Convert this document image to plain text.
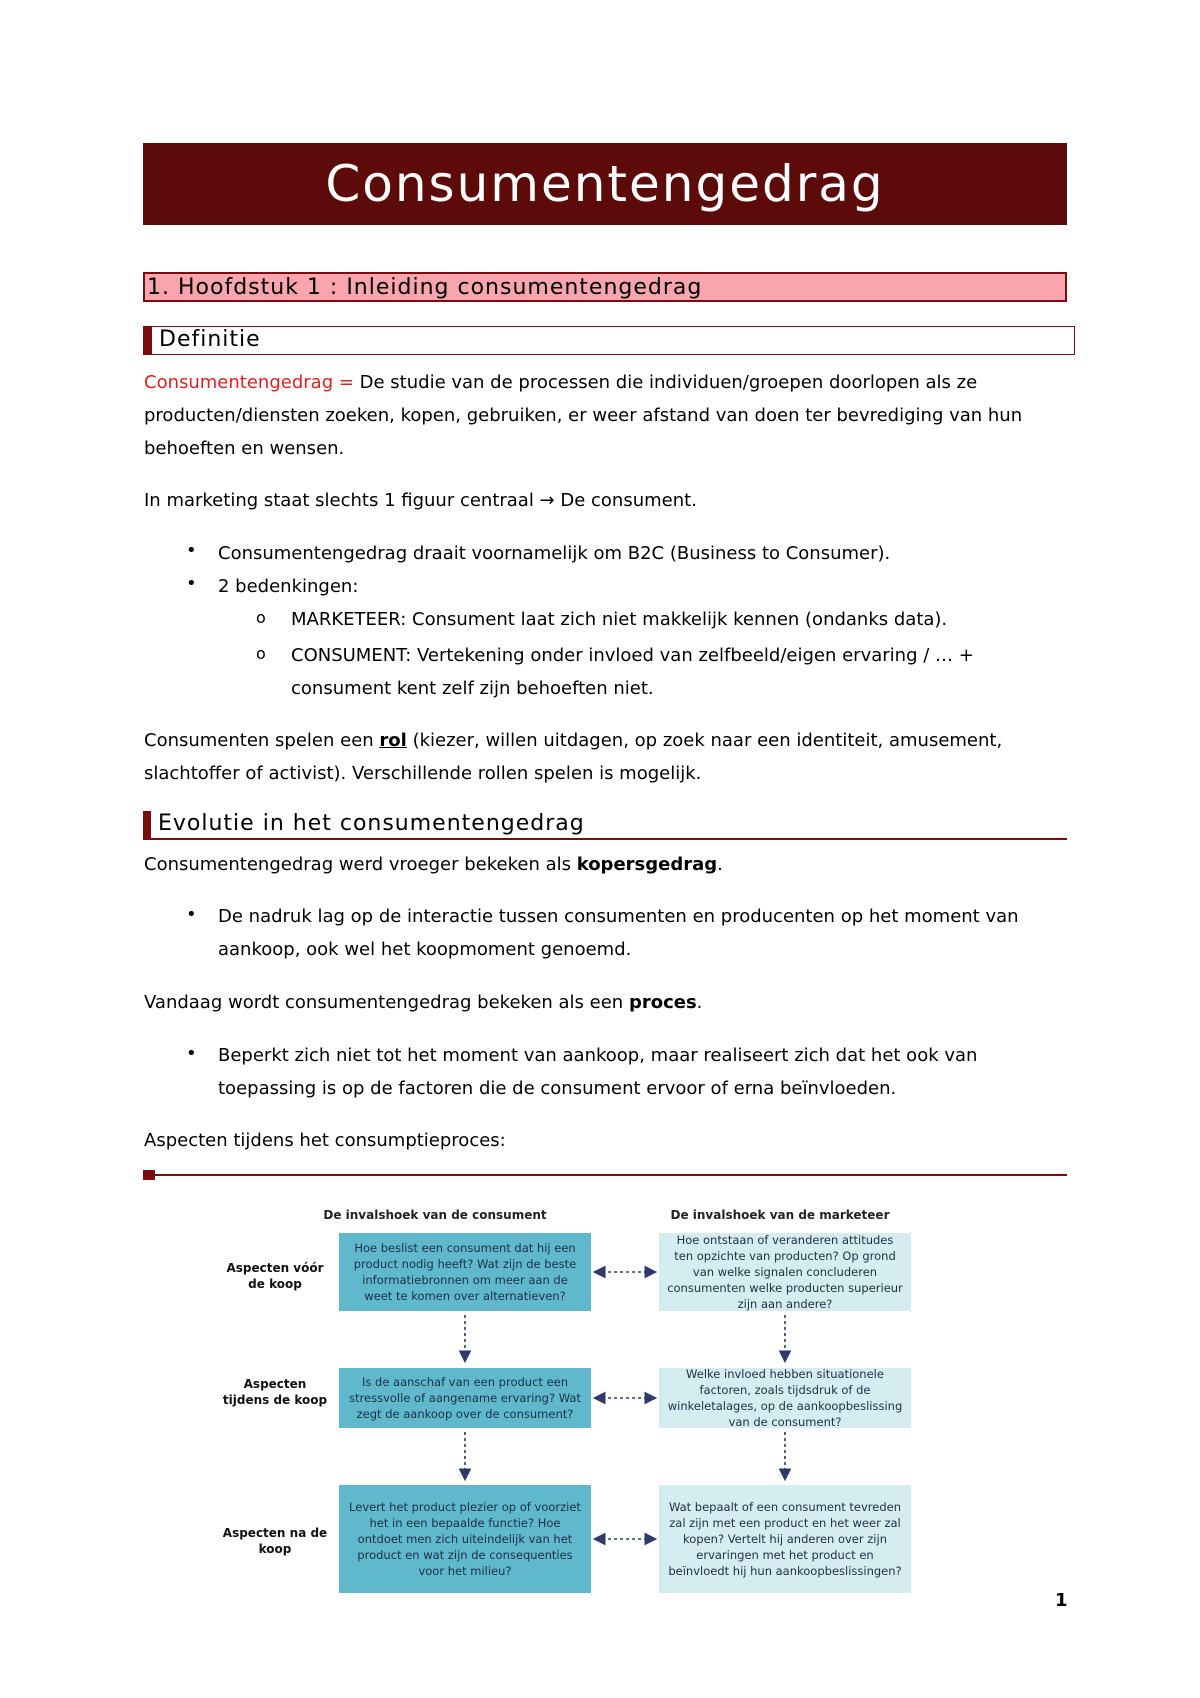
Consumentengedrag
1. Hoofdstuk 1 : Inleiding consumentengedrag
Definitie
Consumentengedrag = De studie van de processen die individuen/groepen doorlopen als ze
producten/diensten zoeken, kopen, gebruiken, er weer afstand van doen ter bevrediging van hun
behoeften en wensen.
In marketing staat slechts 1 figuur centraal → De consument.
• Consumentengedrag draait voornamelijk om B2C (Business to Consumer).
• 2 bedenkingen:
o MARKETEER: Consument laat zich niet makkelijk kennen (ondanks data).
o CONSUMENT: Vertekening onder invloed van zelfbeeld/eigen ervaring / … +
consument kent zelf zijn behoeften niet.
Consumenten spelen een rol (kiezer, willen uitdagen, op zoek naar een identiteit, amusement,
slachtoffer of activist). Verschillende rollen spelen is mogelijk.
Evolutie in het consumentengedrag
Consumentengedrag werd vroeger bekeken als kopersgedrag.
• De nadruk lag op de interactie tussen consumenten en producenten op het moment van
aankoop, ook wel het koopmoment genoemd.
Vandaag wordt consumentengedrag bekeken als een proces.
• Beperkt zich niet tot het moment van aankoop, maar realiseert zich dat het ook van
toepassing is op de factoren die de consument ervoor of erna beïnvloeden.
Aspecten tijdens het consumptieproces:
De invalshoek van de consument	De invalshoek van de marketeer
Aspecten vóór de koop
Aspecten tijdens de koop
Aspecten na de koop
Hoe beslist een consument dat hij een product nodig heeft? Wat zijn de beste informatiebronnen om meer aan de weet te komen over alternatieven?
Hoe ontstaan of veranderen attitudes ten opzichte van producten? Op grond van welke signalen concluderen consumenten welke producten superieur zijn aan andere?
Is de aanschaf van een product een stressvolle of aangename ervaring? Wat zegt de aankoop over de consument?
Welke invloed hebben situationele factoren, zoals tijdsdruk of de winkeletalages, op de aankoopbeslissing van de consument?
Levert het product plezier op of voorziet het in een bepaalde functie? Hoe ontdoet men zich uiteindelijk van het product en wat zijn de consequenties voor het milieu?
Wat bepaalt of een consument tevreden zal zijn met een product en het weer zal kopen? Vertelt hij anderen over zijn ervaringen met het product en beïnvloedt hij hun aankoopbeslissingen?
1
